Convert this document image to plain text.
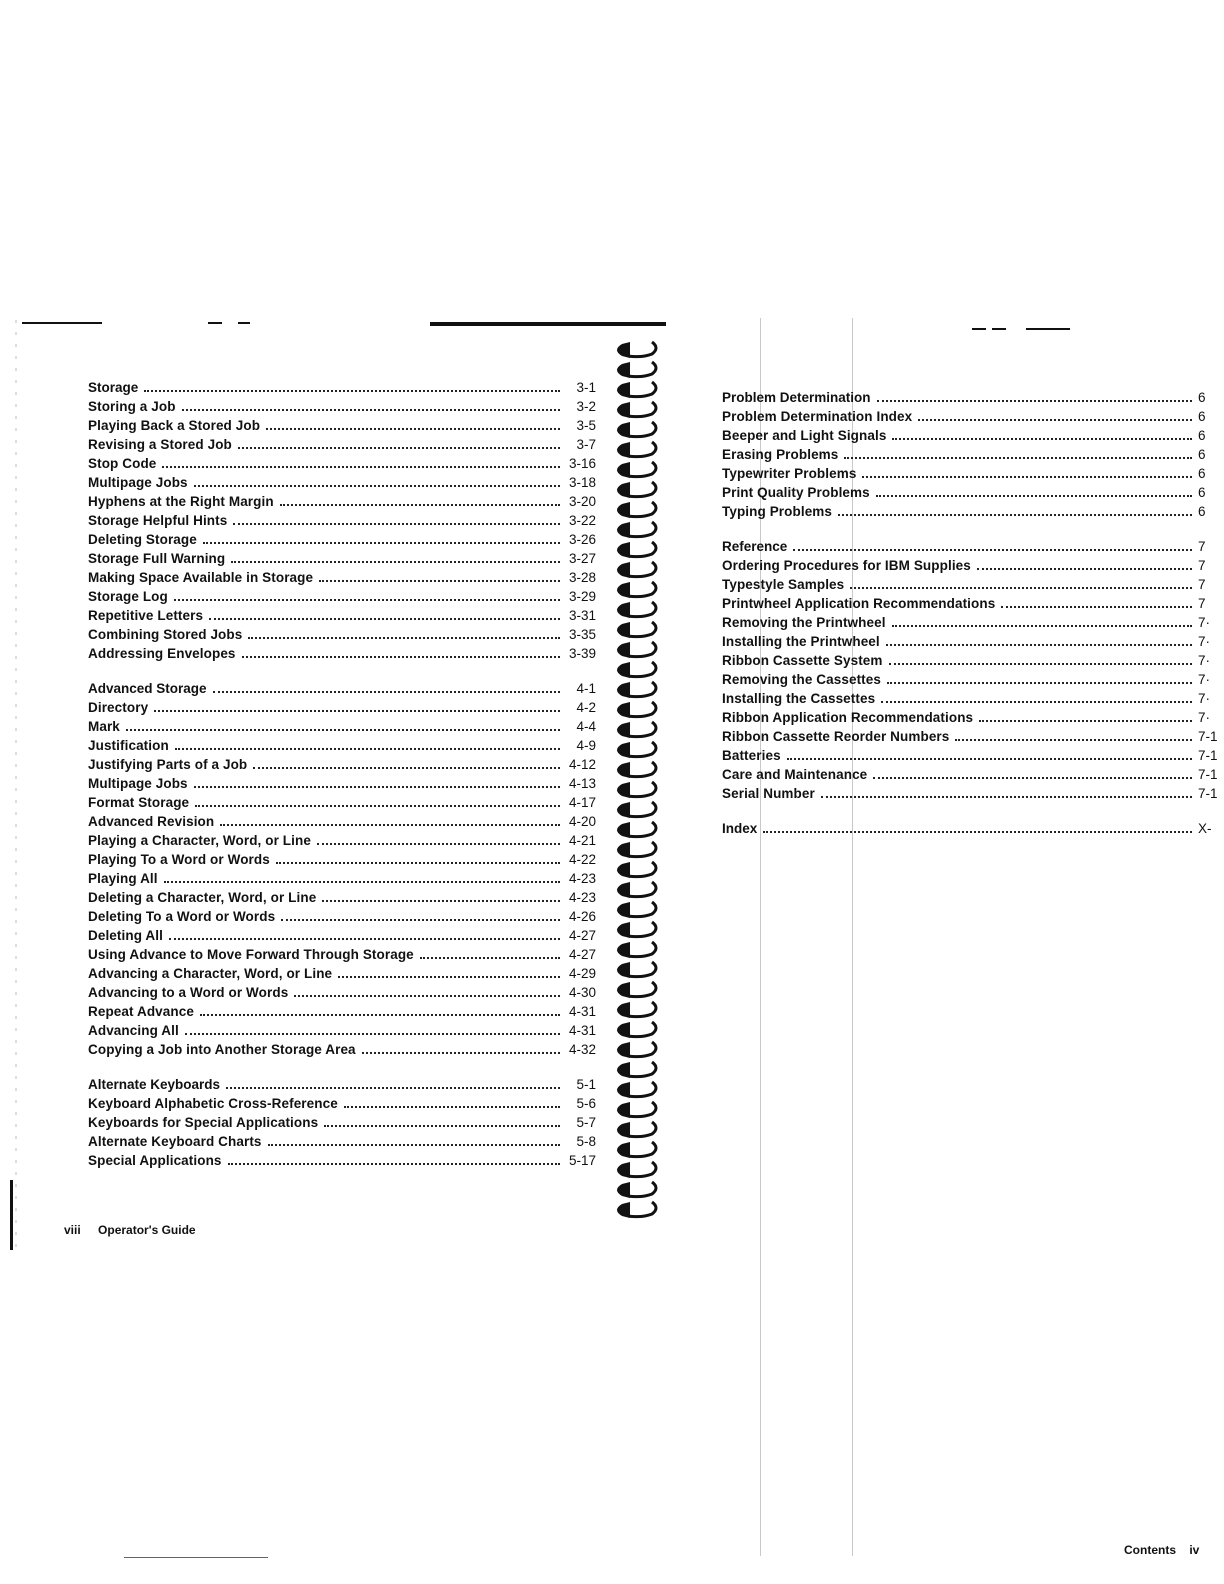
Storage	3-1
Storing a Job	3-2
Playing Back a Stored Job	3-5
Revising a Stored Job	3-7
Stop Code	3-16
Multipage Jobs	3-18
Hyphens at the Right Margin	3-20
Storage Helpful Hints	3-22
Deleting Storage	3-26
Storage Full Warning	3-27
Making Space Available in Storage	3-28
Storage Log	3-29
Repetitive Letters	3-31
Combining Stored Jobs	3-35
Addressing Envelopes	3-39
Advanced Storage	4-1
Directory	4-2
Mark	4-4
Justification	4-9
Justifying Parts of a Job	4-12
Multipage Jobs	4-13
Format Storage	4-17
Advanced Revision	4-20
Playing a Character, Word, or Line	4-21
Playing To a Word or Words	4-22
Playing All	4-23
Deleting a Character, Word, or Line	4-23
Deleting To a Word or Words	4-26
Deleting All	4-27
Using Advance to Move Forward Through Storage	4-27
Advancing a Character, Word, or Line	4-29
Advancing to a Word or Words	4-30
Repeat Advance	4-31
Advancing All	4-31
Copying a Job into Another Storage Area	4-32
Alternate Keyboards	5-1
Keyboard Alphabetic Cross-Reference	5-6
Keyboards for Special Applications	5-7
Alternate Keyboard Charts	5-8
Special Applications	5-17
Problem Determination	6
Problem Determination Index	6
Beeper and Light Signals	6
Erasing Problems	6
Typewriter Problems	6
Print Quality Problems	6
Typing Problems	6
Reference	7
Ordering Procedures for IBM Supplies	7
Typestyle Samples	7
Printwheel Application Recommendations	7
Removing the Printwheel	7·
Installing the Printwheel	7·
Ribbon Cassette System	7·
Removing the Cassettes	7·
Installing the Cassettes	7·
Ribbon Application Recommendations	7·
Ribbon Cassette Reorder Numbers	7-1
Batteries	7-1
Care and Maintenance	7-1
Serial Number	7-1
Index	X-
viii Operator's Guide
Contents iv
